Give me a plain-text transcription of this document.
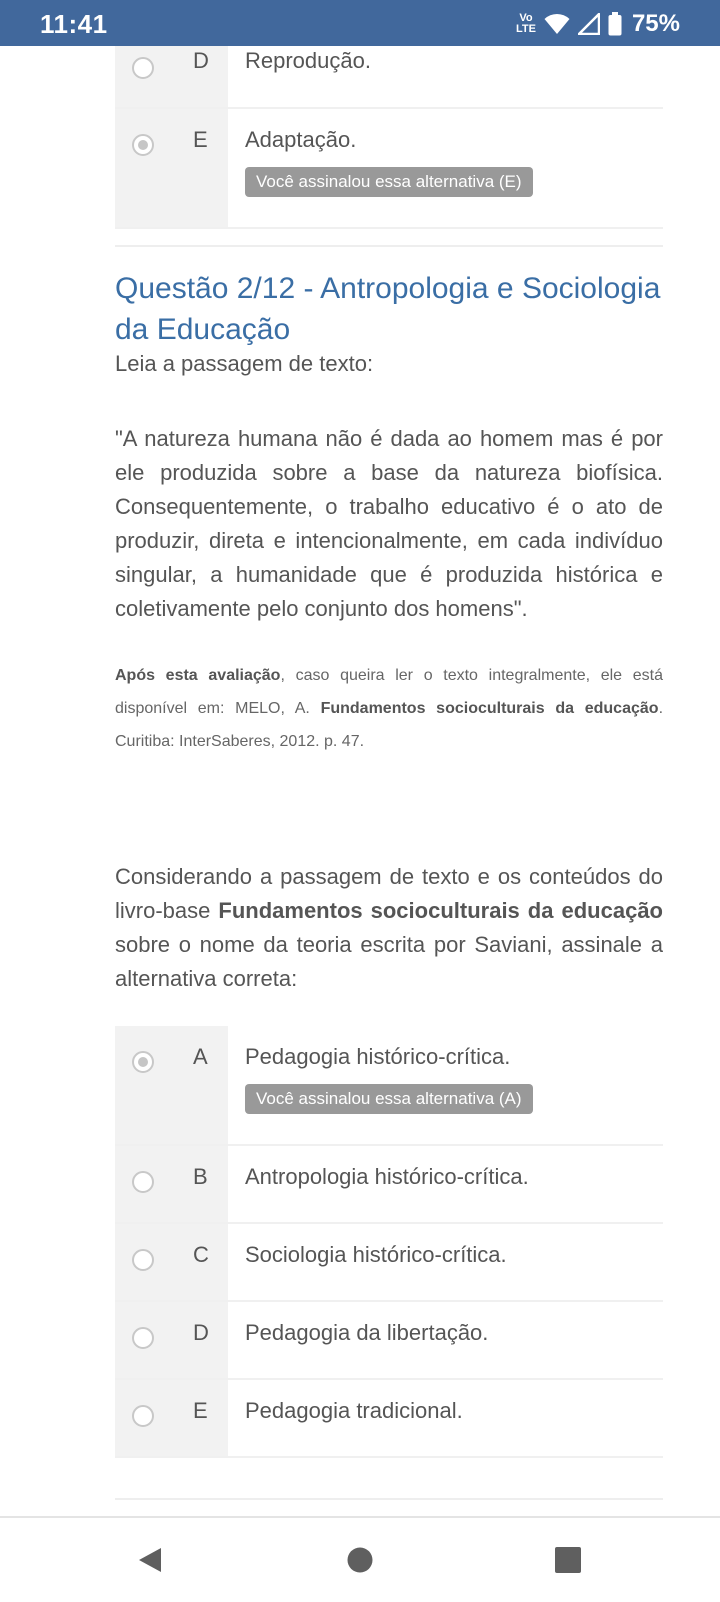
11:41	Vo
LTE	75%
D Reprodução.
E Adaptação.
Você assinalou essa alternativa (E)
Questão 2/12 - Antropologia e Sociologia da Educação

Leia a passagem de texto:

"A natureza humana não é dada ao homem mas é por ele produzida sobre a base da natureza biofísica. Consequentemente, o trabalho educativo é o ato de produzir, direta e intencionalmente, em cada indivíduo singular, a humanidade que é produzida histórica e coletivamente pelo conjunto dos homens".

Após esta avaliação, caso queira ler o texto integralmente, ele está disponível em: MELO, A. Fundamentos socioculturais da educação. Curitiba: InterSaberes, 2012. p. 47.

Considerando a passagem de texto e os conteúdos do livro-base Fundamentos socioculturais da educação sobre o nome da teoria escrita por Saviani, assinale a alternativa correta:

A Pedagogia histórico-crítica.
Você assinalou essa alternativa (A)
B Antropologia histórico-crítica.
C Sociologia histórico-crítica.
D Pedagogia da libertação.
E Pedagogia tradicional.
